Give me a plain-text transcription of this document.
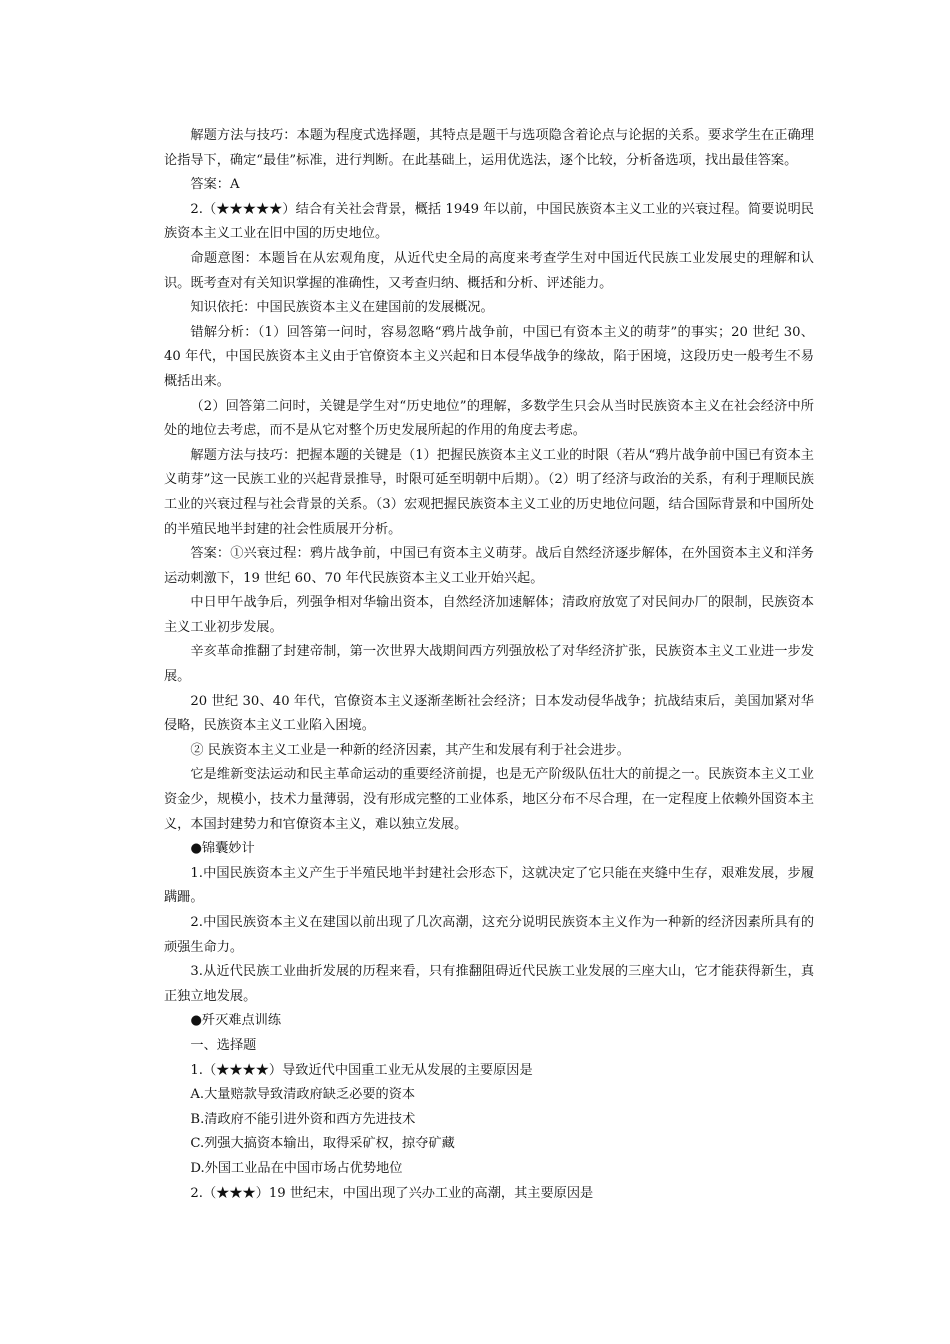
解题方法与技巧：本题为程度式选择题，其特点是题干与选项隐含着论点与论据的关系。要求学生在正确理论指导下，确定“最佳”标准，进行判断。在此基础上，运用优选法，逐个比较，分析备选项，找出最佳答案。

答案：A

2.（★★★★★）结合有关社会背景，概括 1949 年以前，中国民族资本主义工业的兴衰过程。简要说明民族资本主义工业在旧中国的历史地位。

命题意图：本题旨在从宏观角度，从近代史全局的高度来考查学生对中国近代民族工业发展史的理解和认识。既考查对有关知识掌握的准确性，又考查归纳、概括和分析、评述能力。

知识依托：中国民族资本主义在建国前的发展概况。

错解分析：（1）回答第一问时，容易忽略“鸦片战争前，中国已有资本主义的萌芽”的事实；20 世纪 30、40 年代，中国民族资本主义由于官僚资本主义兴起和日本侵华战争的缘故，陷于困境，这段历史一般考生不易概括出来。

（2）回答第二问时，关键是学生对“历史地位”的理解，多数学生只会从当时民族资本主义在社会经济中所处的地位去考虑，而不是从它对整个历史发展所起的作用的角度去考虑。

解题方法与技巧：把握本题的关键是（1）把握民族资本主义工业的时限（若从“鸦片战争前中国已有资本主义萌芽”这一民族工业的兴起背景推导，时限可延至明朝中后期）。（2）明了经济与政治的关系，有利于理顺民族工业的兴衰过程与社会背景的关系。（3）宏观把握民族资本主义工业的历史地位问题，结合国际背景和中国所处的半殖民地半封建的社会性质展开分析。

答案：①兴衰过程：鸦片战争前，中国已有资本主义萌芽。战后自然经济逐步解体，在外国资本主义和洋务运动刺激下，19 世纪 60、70 年代民族资本主义工业开始兴起。

中日甲午战争后，列强争相对华输出资本，自然经济加速解体；清政府放宽了对民间办厂的限制，民族资本主义工业初步发展。

辛亥革命推翻了封建帝制，第一次世界大战期间西方列强放松了对华经济扩张，民族资本主义工业进一步发展。

20 世纪 30、40 年代，官僚资本主义逐渐垄断社会经济；日本发动侵华战争；抗战结束后，美国加紧对华侵略，民族资本主义工业陷入困境。

② 民族资本主义工业是一种新的经济因素，其产生和发展有利于社会进步。

它是维新变法运动和民主革命运动的重要经济前提，也是无产阶级队伍壮大的前提之一。民族资本主义工业资金少，规模小，技术力量薄弱，没有形成完整的工业体系，地区分布不尽合理，在一定程度上依赖外国资本主义，本国封建势力和官僚资本主义，难以独立发展。

●锦囊妙计

1.中国民族资本主义产生于半殖民地半封建社会形态下，这就决定了它只能在夹缝中生存，艰难发展，步履蹒跚。

2.中国民族资本主义在建国以前出现了几次高潮，这充分说明民族资本主义作为一种新的经济因素所具有的顽强生命力。

3.从近代民族工业曲折发展的历程来看，只有推翻阻碍近代民族工业发展的三座大山，它才能获得新生，真正独立地发展。

●歼灭难点训练

一、选择题

1.（★★★★）导致近代中国重工业无从发展的主要原因是

A.大量赔款导致清政府缺乏必要的资本

B.清政府不能引进外资和西方先进技术

C.列强大搞资本输出，取得采矿权，掠夺矿藏

D.外国工业品在中国市场占优势地位

2.（★★★）19 世纪末，中国出现了兴办工业的高潮，其主要原因是
